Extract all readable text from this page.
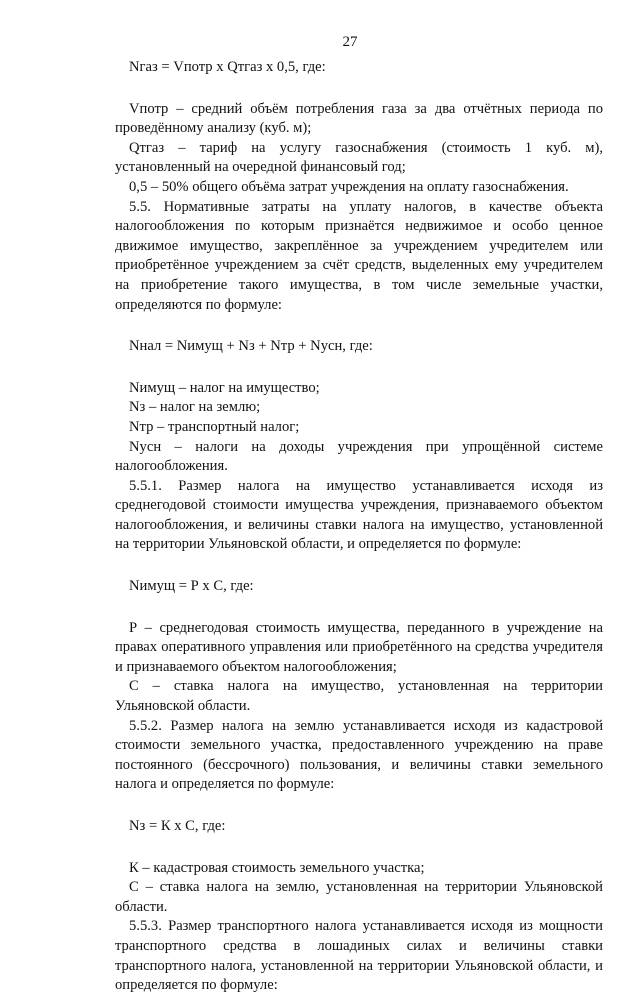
27

Nгаз = Vпотр х Qтгаз х 0,5, где:

Vпотр – средний объём потребления газа за два отчётных периода по проведённому анализу (куб. м);

Qтгаз – тариф на услугу газоснабжения (стоимость 1 куб. м), установленный на очередной финансовый год;

0,5 – 50% общего объёма затрат учреждения на оплату газоснабжения.

5.5. Нормативные затраты на уплату налогов, в качестве объекта налогообложения по которым признаётся недвижимое и особо ценное движимое имущество, закреплённое за учреждением учредителем или приобретённое учреждением за счёт средств, выделенных ему учредителем на приобретение такого имущества, в том числе земельные участки, определяются по формуле:

Nнал = Nимущ + Nз + Nтр + Nусн, где:

Nимущ – налог на имущество;

Nз – налог на землю;

Nтр – транспортный налог;

Nусн – налоги на доходы учреждения при упрощённой системе налогообложения.

5.5.1. Размер налога на имущество устанавливается исходя из среднегодовой стоимости имущества учреждения, признаваемого объектом налогообложения, и величины ставки налога на имущество, установленной на территории Ульяновской области, и определяется по формуле:

Nимущ = Р х С, где:

Р – среднегодовая стоимость имущества, переданного в учреждение на правах оперативного управления или приобретённого на средства учредителя и признаваемого объектом налогообложения;

С – ставка налога на имущество, установленная на территории Ульяновской области.

5.5.2. Размер налога на землю устанавливается исходя из кадастровой стоимости земельного участка, предоставленного учреждению на праве постоянного (бессрочного) пользования, и величины ставки земельного налога и определяется по формуле:

Nз = К х С, где:

К – кадастровая стоимость земельного участка;

С – ставка налога на землю, установленная на территории Ульяновской области.

5.5.3. Размер транспортного налога устанавливается исходя из мощности транспортного средства в лошадиных силах и величины ставки транспортного налога, установленной на территории Ульяновской области, и определяется по формуле:
